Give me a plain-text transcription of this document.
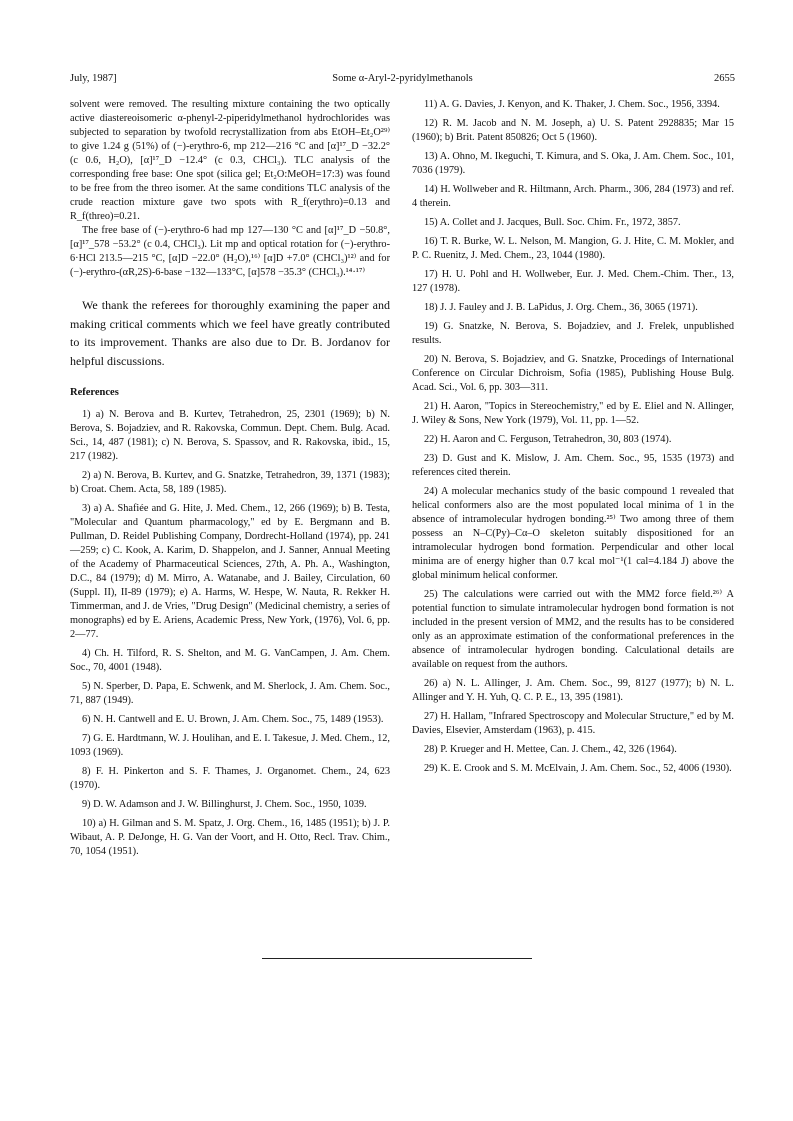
July, 1987]	Some α-Aryl-2-pyridylmethanols	2655

solvent were removed. The resulting mixture containing the two optically active diastereoisomeric α-phenyl-2-piperidylmethanol hydrochlorides was subjected to separation by twofold recrystallization from abs EtOH–Et₂O²⁹⁾ to give 1.24 g (51%) of (−)-erythro-6, mp 212—216 °C and [α]¹⁷_D −32.2° (c 0.6, H₂O), [α]¹⁷_D −12.4° (c 0.3, CHCl₃). TLC analysis of the corresponding free base: One spot (silica gel; Et₂O:MeOH=17:3) was found to be free from the threo isomer. At the same conditions TLC analysis of the crude reaction mixture gave two spots with R_f(erythro)=0.13 and R_f(threo)=0.21.

The free base of (−)-erythro-6 had mp 127—130 °C and [α]¹⁷_D −50.8°, [α]¹⁷_578 −53.2° (c 0.4, CHCl₃). Lit mp and optical rotation for (−)-erythro-6·HCl 213.5—215 °C, [α]D −22.0° (H₂O),¹⁶⁾ [α]D +7.0° (CHCl₃)¹²⁾ and for (−)-erythro-(αR,2S)-6-base −132—133°C, [α]578 −35.3° (CHCl₃).¹⁴·¹⁷⁾

We thank the referees for thoroughly examining the paper and making critical comments which we feel have greatly contributed to its improvement. Thanks are also due to Dr. B. Jordanov for helpful discussions.

References

1) a) N. Berova and B. Kurtev, Tetrahedron, 25, 2301 (1969); b) N. Berova, S. Bojadziev, and R. Rakovska, Commun. Dept. Chem. Bulg. Acad. Sci., 14, 487 (1981); c) N. Berova, S. Spassov, and R. Rakovska, ibid., 15, 217 (1982).

2) a) N. Berova, B. Kurtev, and G. Snatzke, Tetrahedron, 39, 1371 (1983); b) Croat. Chem. Acta, 58, 189 (1985).

3) a) A. Shafiée and G. Hite, J. Med. Chem., 12, 266 (1969); b) B. Testa, "Molecular and Quantum pharmacology," ed by E. Bergmann and B. Pullman, D. Reidel Publishing Company, Dordrecht-Holland (1974), pp. 241—259; c) C. Kook, A. Karim, D. Shappelon, and J. Sanner, Annual Meeting of the Academy of Pharmaceutical Sciences, 27th, A. Ph. A., Washington, D.C., 84 (1979); d) M. Mirro, A. Watanabe, and J. Bailey, Circulation, 60 (Suppl. II), II-89 (1979); e) A. Harms, W. Hespe, W. Nauta, R. Rekker H. Timmerman, and J. de Vries, "Drug Design" (Medicinal chemistry, a series of monographs) ed by E. Ariens, Academic Press, New York, (1976), Vol. 6, pp. 2—77.

4) Ch. H. Tilford, R. S. Shelton, and M. G. VanCampen, J. Am. Chem. Soc., 70, 4001 (1948).

5) N. Sperber, D. Papa, E. Schwenk, and M. Sherlock, J. Am. Chem. Soc., 71, 887 (1949).

6) N. H. Cantwell and E. U. Brown, J. Am. Chem. Soc., 75, 1489 (1953).

7) G. E. Hardtmann, W. J. Houlihan, and E. I. Takesue, J. Med. Chem., 12, 1093 (1969).

8) F. H. Pinkerton and S. F. Thames, J. Organomet. Chem., 24, 623 (1970).

9) D. W. Adamson and J. W. Billinghurst, J. Chem. Soc., 1950, 1039.

10) a) H. Gilman and S. M. Spatz, J. Org. Chem., 16, 1485 (1951); b) J. P. Wibaut, A. P. DeJonge, H. G. Van der Voort, and H. Otto, Recl. Trav. Chim., 70, 1054 (1951).

11) A. G. Davies, J. Kenyon, and K. Thaker, J. Chem. Soc., 1956, 3394.

12) R. M. Jacob and N. M. Joseph, a) U. S. Patent 2928835; Mar 15 (1960); b) Brit. Patent 850826; Oct 5 (1960).

13) A. Ohno, M. Ikeguchi, T. Kimura, and S. Oka, J. Am. Chem. Soc., 101, 7036 (1979).

14) H. Wollweber and R. Hiltmann, Arch. Pharm., 306, 284 (1973) and ref. 4 therein.

15) A. Collet and J. Jacques, Bull. Soc. Chim. Fr., 1972, 3857.

16) T. R. Burke, W. L. Nelson, M. Mangion, G. J. Hite, C. M. Mokler, and P. C. Ruenitz, J. Med. Chem., 23, 1044 (1980).

17) H. U. Pohl and H. Wollweber, Eur. J. Med. Chem.-Chim. Ther., 13, 127 (1978).

18) J. J. Fauley and J. B. LaPidus, J. Org. Chem., 36, 3065 (1971).

19) G. Snatzke, N. Berova, S. Bojadziev, and J. Frelek, unpublished results.

20) N. Berova, S. Bojadziev, and G. Snatzke, Procedings of International Conference on Circular Dichroism, Sofia (1985), Publishing House Bulg. Acad. Sci., Vol. 6, pp. 303—311.

21) H. Aaron, "Topics in Stereochemistry," ed by E. Eliel and N. Allinger, J. Wiley & Sons, New York (1979), Vol. 11, pp. 1—52.

22) H. Aaron and C. Ferguson, Tetrahedron, 30, 803 (1974).

23) D. Gust and K. Mislow, J. Am. Chem. Soc., 95, 1535 (1973) and references cited therein.

24) A molecular mechanics study of the basic compound 1 revealed that helical conformers also are the most populated local minima of 1 in the absence of intramolecular hydrogen bonding.²⁵⁾ Two among three of them possess an N–C(Py)–Cα–O skeleton suitably dispositioned for an intramolecular hydrogen bond formation. Perpendicular and other local minima are of energy higher than 0.7 kcal mol⁻¹(1 cal=4.184 J) above the global minimum helical conformer.

25) The calculations were carried out with the MM2 force field.²⁶⁾ A potential function to simulate intramolecular hydrogen bond formation is not included in the present version of MM2, and the results has to be considered only as an approximate estimation of the conformational preferences in the absence of intramolecular hydrogen bonding. Calculational details are available on request from the authors.

26) a) N. L. Allinger, J. Am. Chem. Soc., 99, 8127 (1977); b) N. L. Allinger and Y. H. Yuh, Q. C. P. E., 13, 395 (1981).

27) H. Hallam, "Infrared Spectroscopy and Molecular Structure," ed by M. Davies, Elsevier, Amsterdam (1963), p. 415.

28) P. Krueger and H. Mettee, Can. J. Chem., 42, 326 (1964).

29) K. E. Crook and S. M. McElvain, J. Am. Chem. Soc., 52, 4006 (1930).
